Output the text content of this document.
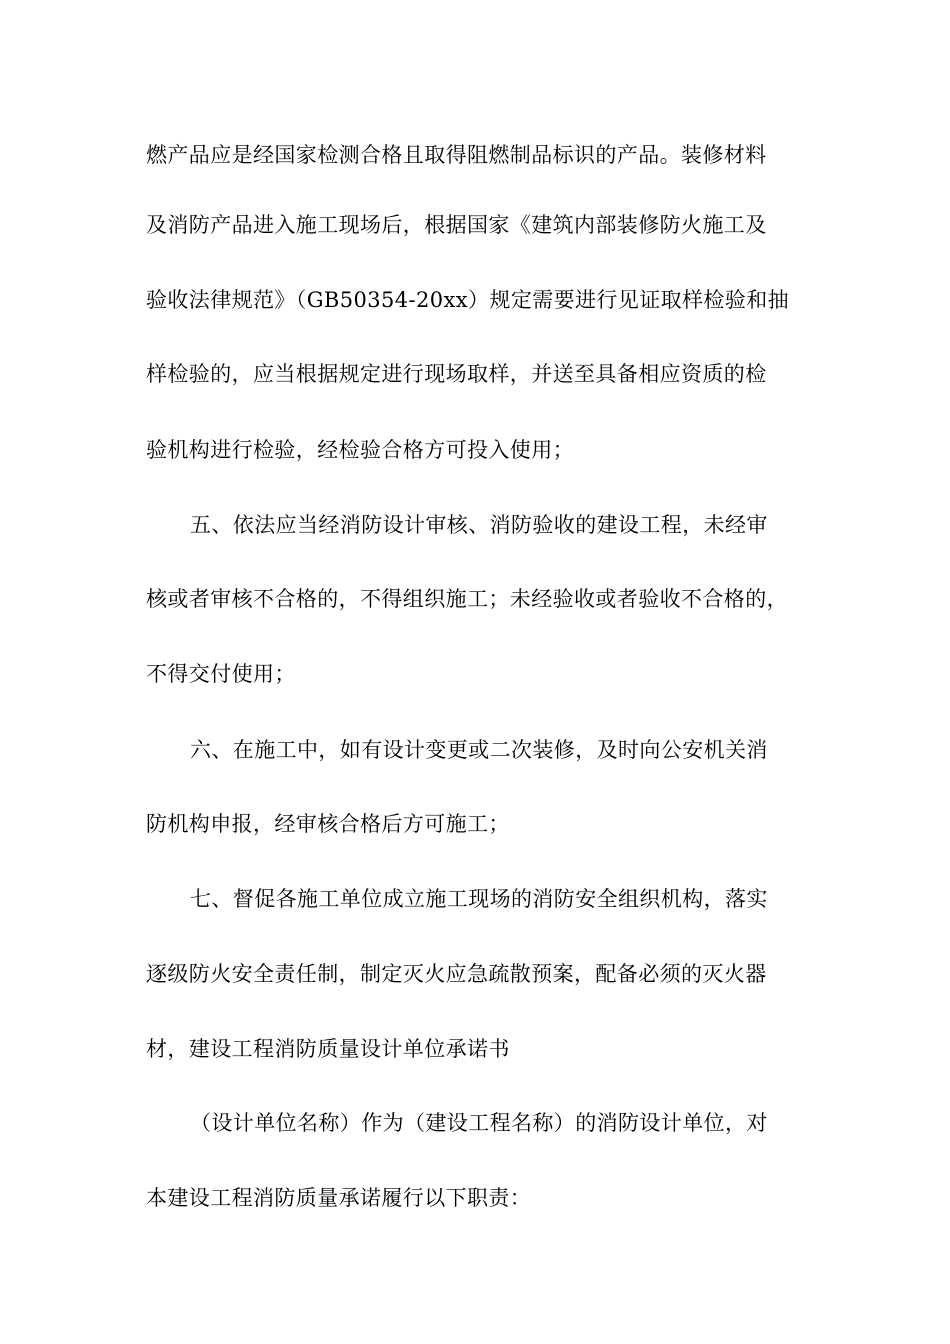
燃产品应是经国家检测合格且取得阻燃制品标识的产品。装修材料
及消防产品进入施工现场后，根据国家《建筑内部装修防火施工及
验收法律规范》（GB50354-20xx）规定需要进行见证取样检验和抽
样检验的，应当根据规定进行现场取样，并送至具备相应资质的检
验机构进行检验，经检验合格方可投入使用；
五、依法应当经消防设计审核、消防验收的建设工程，未经审
核或者审核不合格的，不得组织施工；未经验收或者验收不合格的，
不得交付使用；
六、在施工中，如有设计变更或二次装修，及时向公安机关消
防机构申报，经审核合格后方可施工；
七、督促各施工单位成立施工现场的消防安全组织机构，落实
逐级防火安全责任制，制定灭火应急疏散预案，配备必须的灭火器
材，建设工程消防质量设计单位承诺书
（设计单位名称）作为（建设工程名称）的消防设计单位，对
本建设工程消防质量承诺履行以下职责：
